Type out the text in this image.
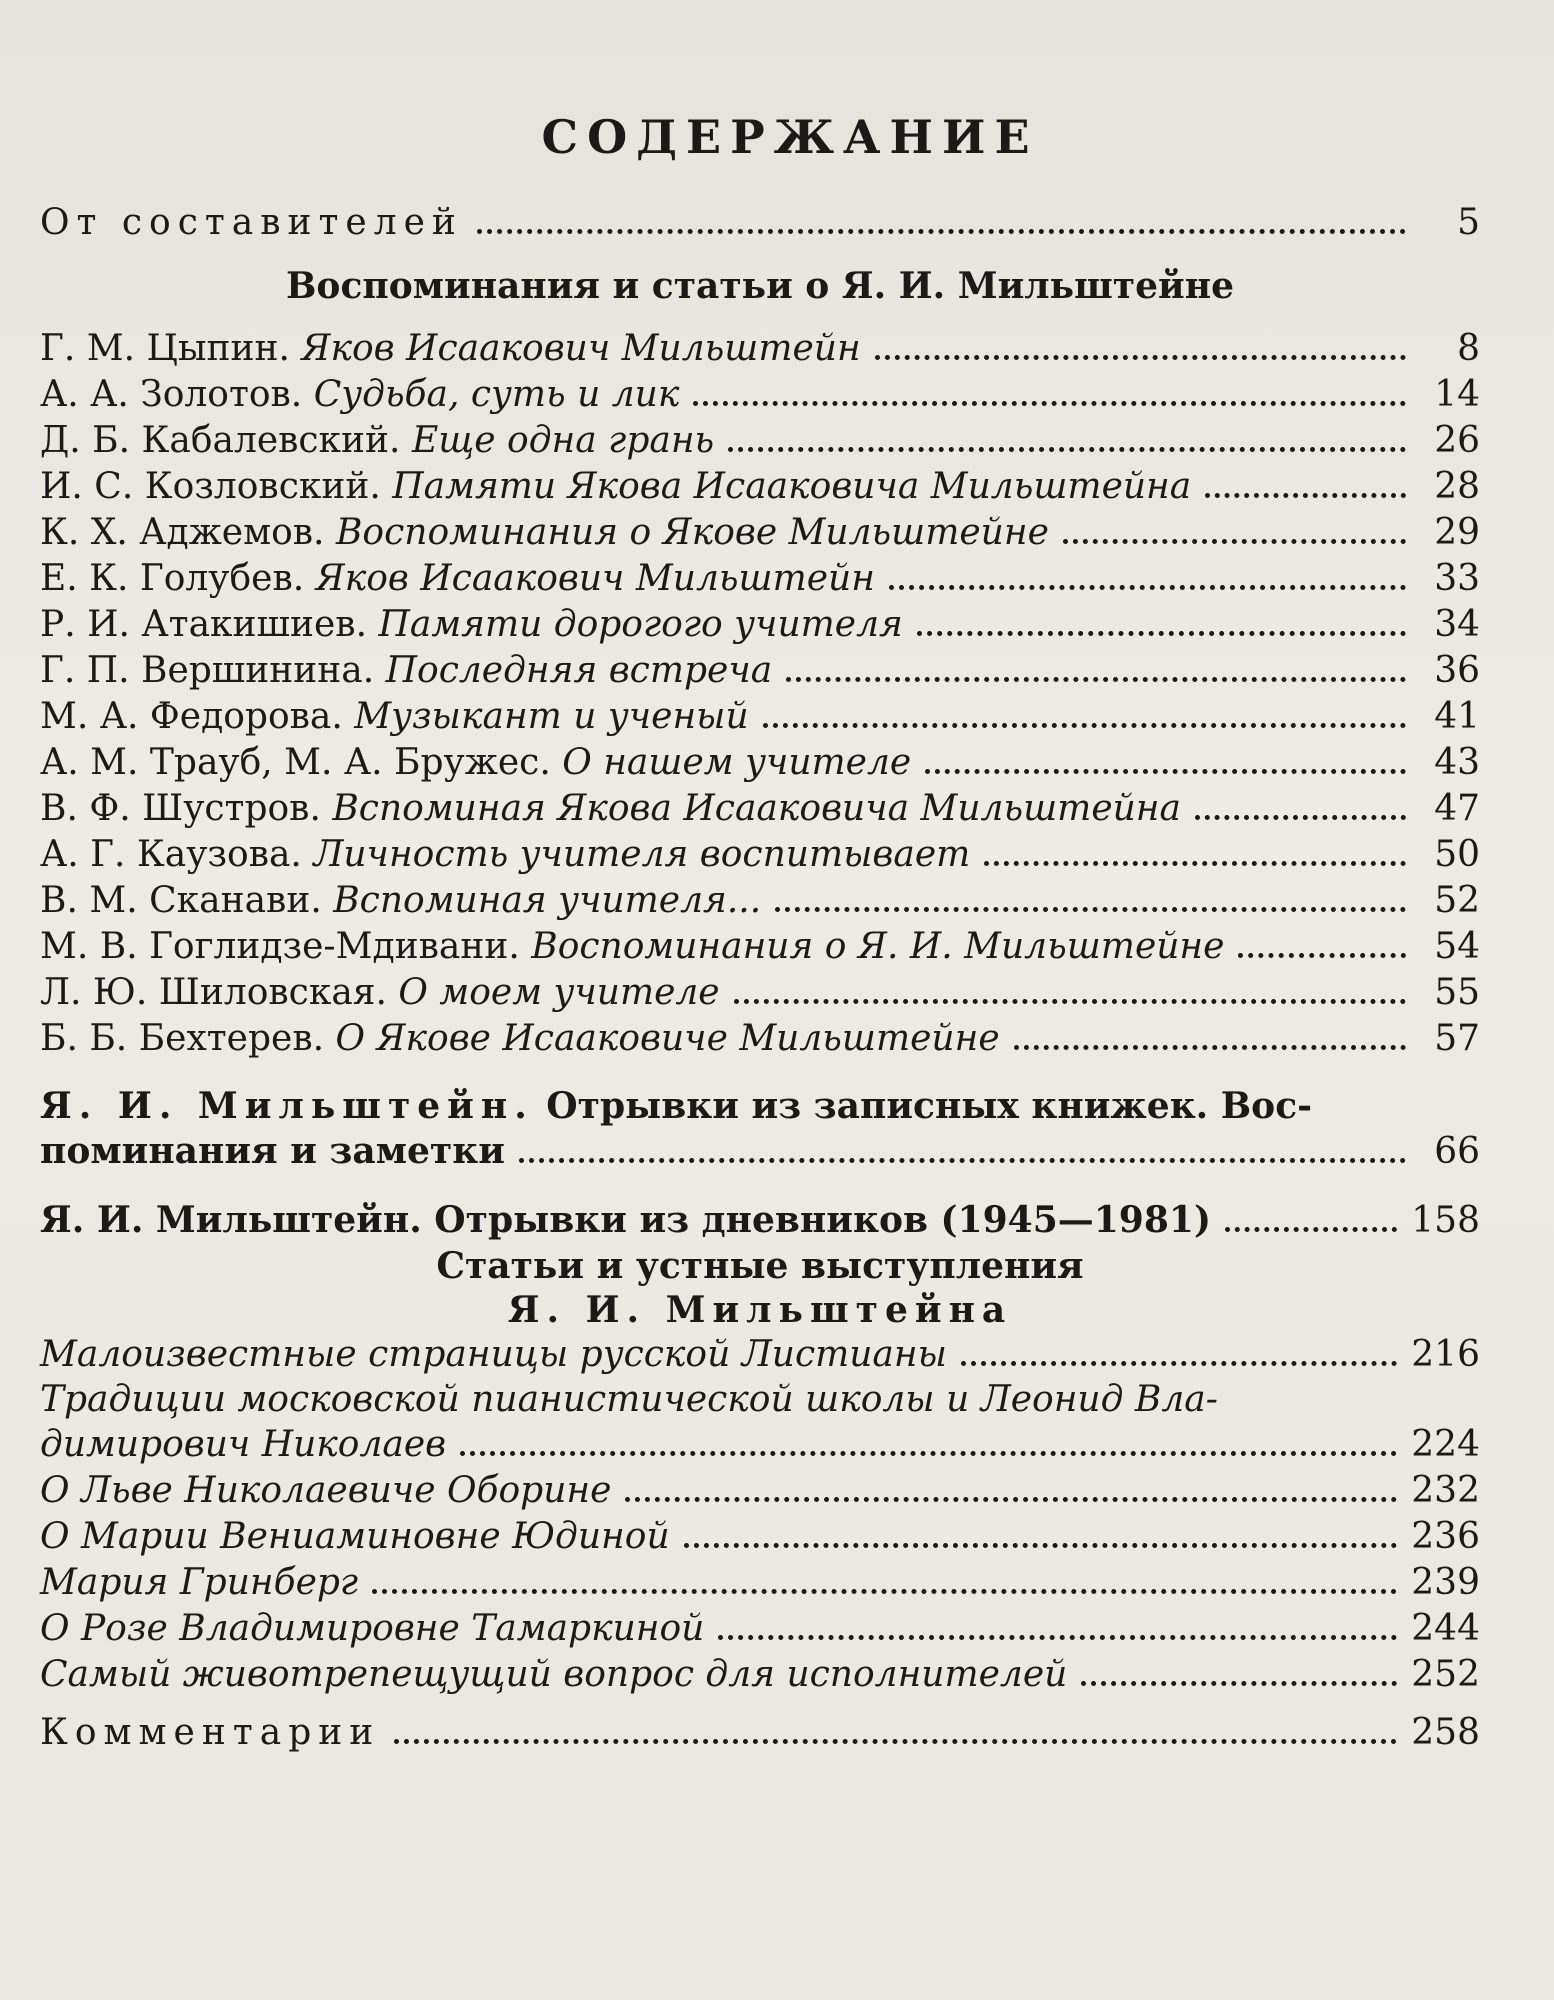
СОДЕРЖАНИЕ
От составителей	5
Воспоминания и статьи о Я. И. Мильштейне
Г. М. Цыпин. Яков Исаакович Мильштейн	8
А. А. Золотов. Судьба, суть и лик	14
Д. Б. Кабалевский. Еще одна грань	26
И. С. Козловский. Памяти Якова Исааковича Мильштейна	28
К. Х. Аджемов. Воспоминания о Якове Мильштейне	29
Е. К. Голубев. Яков Исаакович Мильштейн	33
Р. И. Атакишиев. Памяти дорогого учителя	34
Г. П. Вершинина. Последняя встреча	36
М. А. Федорова. Музыкант и ученый	41
А. М. Трауб, М. А. Бружес. О нашем учителе	43
В. Ф. Шустров. Вспоминая Якова Исааковича Мильштейна	47
А. Г. Каузова. Личность учителя воспитывает	50
В. М. Сканави. Вспоминая учителя...	52
М. В. Гоглидзе-Мдивани. Воспоминания о Я. И. Мильштейне	54
Л. Ю. Шиловская. О моем учителе	55
Б. Б. Бехтерев. О Якове Исааковиче Мильштейне	57
Я. И. Мильштейн. Отрывки из записных книжек. Вос-
поминания и заметки	66
Я. И. Мильштейн. Отрывки из дневников (1945—1981)	158
Статьи и устные выступления
Я. И. Мильштейна
Малоизвестные страницы русской Листианы	216
Традиции московской пианистической школы и Леонид Вла-
димирович Николаев	224
О Льве Николаевиче Оборине	232
О Марии Вениаминовне Юдиной	236
Мария Гринберг	239
О Розе Владимировне Тамаркиной	244
Самый животрепещущий вопрос для исполнителей	252
Комментарии	258
